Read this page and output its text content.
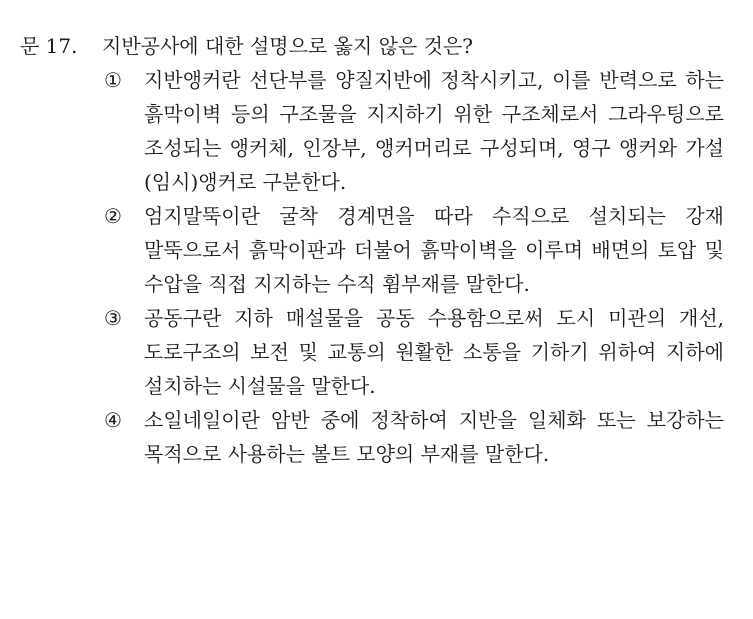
문 17. 지반공사에 대한 설명으로 옳지 않은 것은?
①	지반앵커란 선단부를 양질지반에 정착시키고, 이를 반력으로 하는 흙막이벽 등의 구조물을 지지하기 위한 구조체로서 그라우팅으로 조성되는 앵커체, 인장부, 앵커머리로 구성되며, 영구 앵커와 가설(임시)앵커로 구분한다.
②	엄지말뚝이란 굴착 경계면을 따라 수직으로 설치되는 강재 말뚝으로서 흙막이판과 더불어 흙막이벽을 이루며 배면의 토압 및 수압을 직접 지지하는 수직 휨부재를 말한다.
③	공동구란 지하 매설물을 공동 수용함으로써 도시 미관의 개선, 도로구조의 보전 및 교통의 원활한 소통을 기하기 위하여 지하에 설치하는 시설물을 말한다.
④	소일네일이란 암반 중에 정착하여 지반을 일체화 또는 보강하는 목적으로 사용하는 볼트 모양의 부재를 말한다.
